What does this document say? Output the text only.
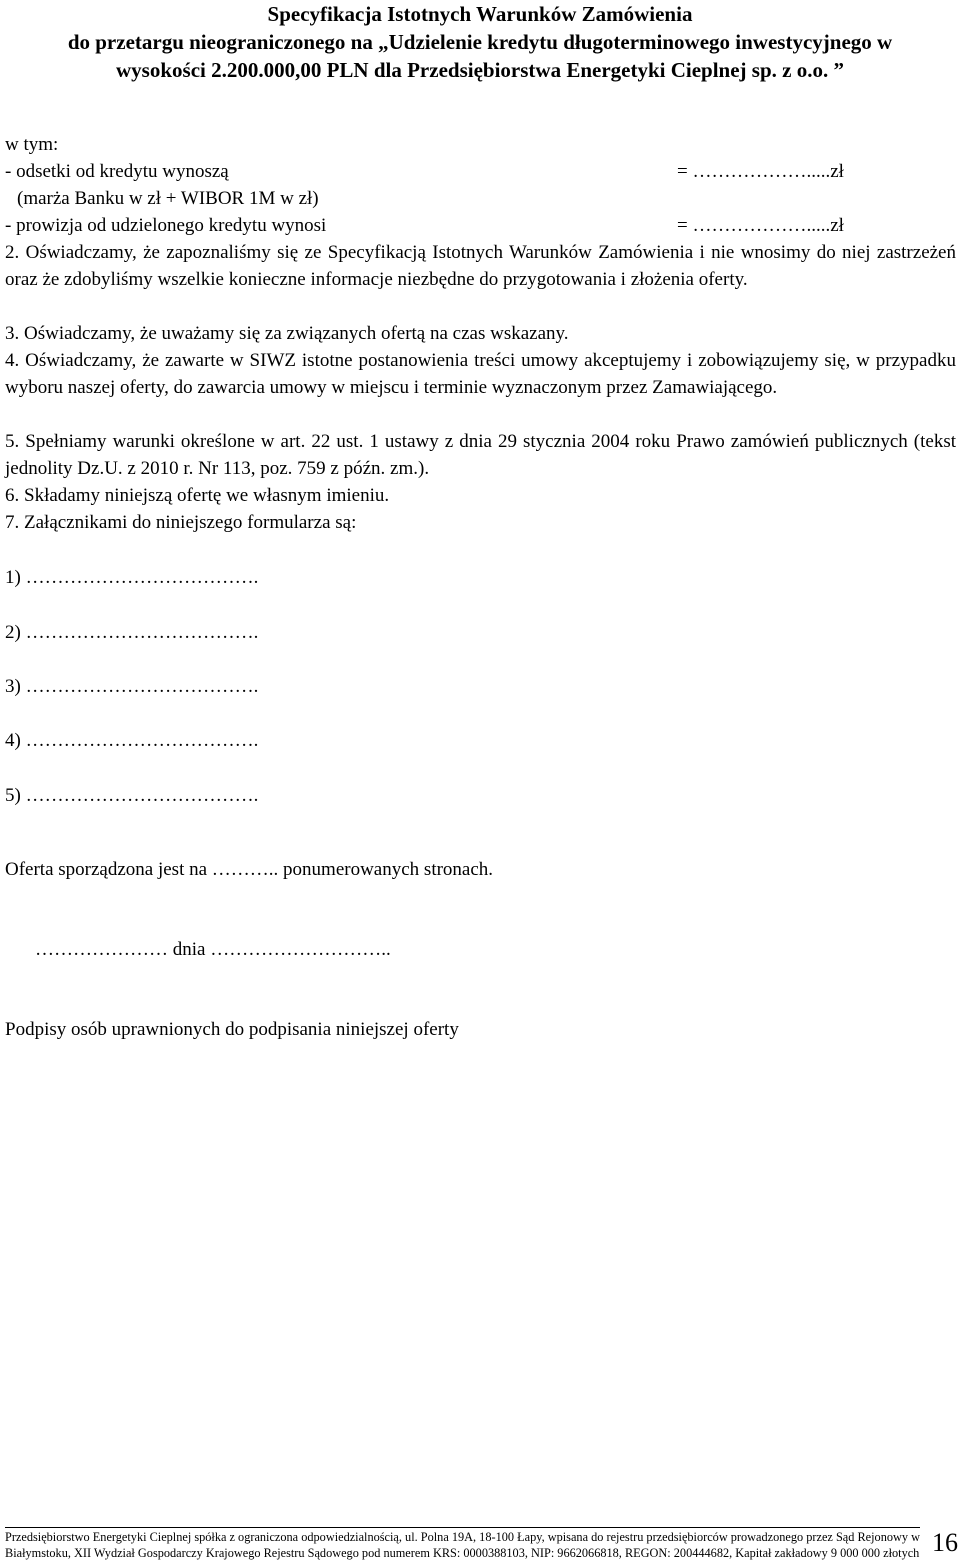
Specyfikacja Istotnych Warunków Zamówienia
do przetargu nieograniczonego na „Udzielenie kredytu długoterminowego inwestycyjnego w
wysokości 2.200.000,00 PLN dla Przedsiębiorstwa Energetyki Cieplnej sp. z o.o. ”
w tym:
- odsetki od kredytu wynoszą	= ……………….....zł
(marża Banku w zł + WIBOR 1M w zł)
- prowizja od udzielonego kredytu wynosi	= ……………….....zł
2. Oświadczamy, że zapoznaliśmy się ze Specyfikacją Istotnych Warunków Zamówienia i nie wnosimy do niej zastrzeżeń oraz że zdobyliśmy wszelkie konieczne informacje niezbędne do przygotowania i złożenia oferty.
3. Oświadczamy, że uważamy się za związanych ofertą na czas wskazany.
4. Oświadczamy, że zawarte w SIWZ istotne postanowienia treści umowy akceptujemy i zobowiązujemy się, w przypadku wyboru naszej oferty, do zawarcia umowy w miejscu i terminie wyznaczonym przez Zamawiającego.
5. Spełniamy warunki określone w art. 22 ust. 1 ustawy z dnia 29 stycznia 2004 roku Prawo zamówień publicznych (tekst jednolity Dz.U. z 2010 r. Nr 113, poz. 759 z późn. zm.).
6. Składamy niniejszą ofertę we własnym imieniu.
7. Załącznikami do niniejszego formularza są:
1) ……………………………….
2) ……………………………….
3) ……………………………….
4) ……………………………….
5) ……………………………….
Oferta sporządzona jest na ……….. ponumerowanych stronach.
………………… dnia ………………………..
Podpisy osób uprawnionych do podpisania niniejszej oferty
Przedsiębiorstwo Energetyki Cieplnej spółka z ograniczona odpowiedzialnością, ul. Polna 19A, 18-100 Łapy, wpisana do rejestru przedsiębiorców prowadzonego przez Sąd Rejonowy w Białymstoku, XII Wydział Gospodarczy Krajowego Rejestru Sądowego pod numerem KRS: 0000388103, NIP: 9662066818, REGON: 200444682, Kapitał zakładowy 9 000 000 złotych 16
